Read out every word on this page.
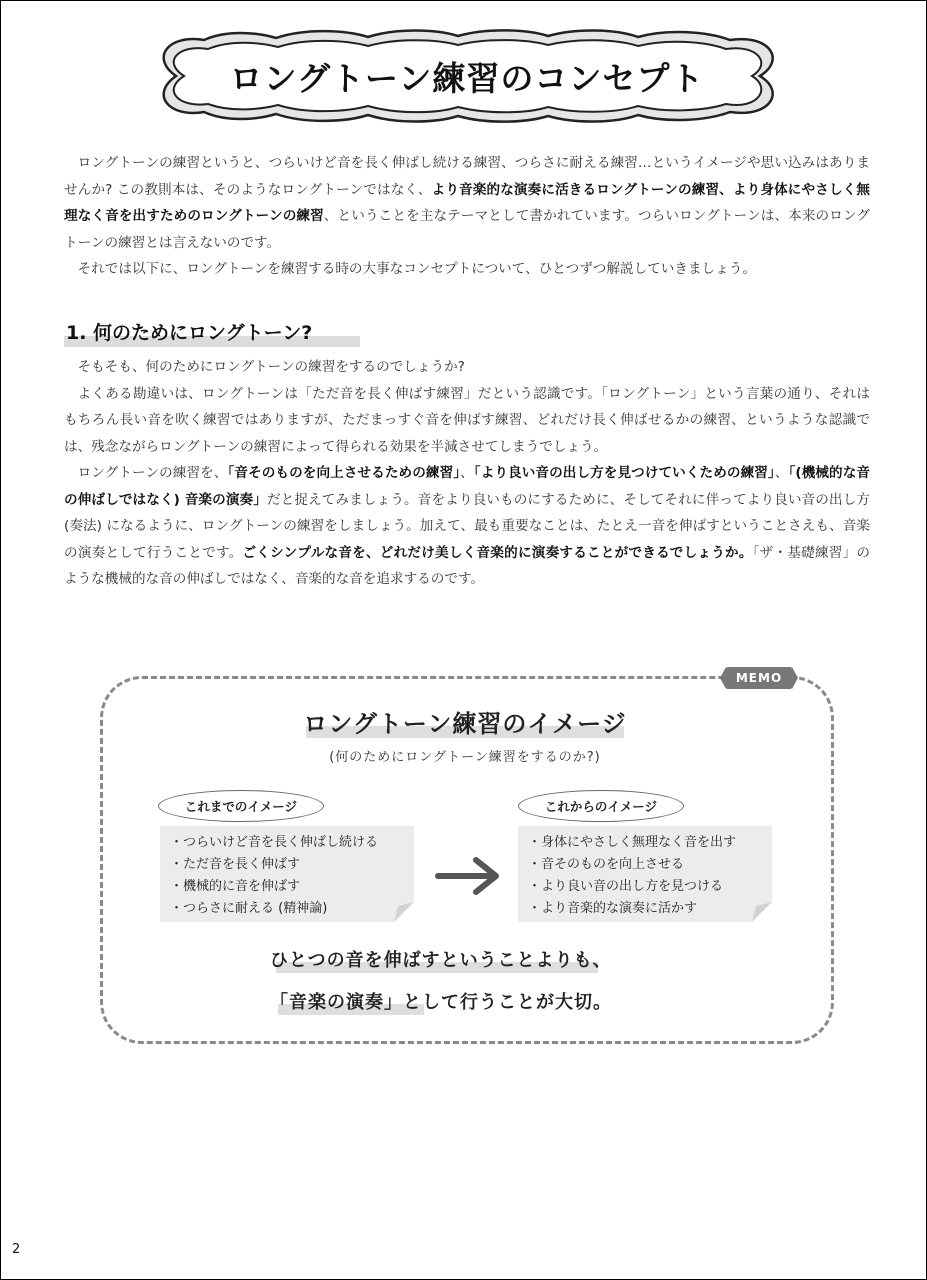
ロングトーン練習のコンセプト

ロングトーンの練習というと、つらいけど音を長く伸ばし続ける練習、つらさに耐える練習…というイメージや思い込みはありませんか? この教則本は、そのようなロングトーンではなく、より音楽的な演奏に活きるロングトーンの練習、より身体にやさしく無理なく音を出すためのロングトーンの練習、ということを主なテーマとして書かれています。つらいロングトーンは、本来のロングトーンの練習とは言えないのです。

それでは以下に、ロングトーンを練習する時の大事なコンセプトについて、ひとつずつ解説していきましょう。

1. 何のためにロングトーン?

そもそも、何のためにロングトーンの練習をするのでしょうか?

よくある勘違いは、ロングトーンは「ただ音を長く伸ばす練習」だという認識です。「ロングトーン」という言葉の通り、それはもちろん長い音を吹く練習ではありますが、ただまっすぐ音を伸ばす練習、どれだけ長く伸ばせるかの練習、というような認識では、残念ながらロングトーンの練習によって得られる効果を半減させてしまうでしょう。

ロングトーンの練習を、「音そのものを向上させるための練習」、「より良い音の出し方を見つけていくための練習」、「(機械的な音の伸ばしではなく) 音楽の演奏」だと捉えてみましょう。音をより良いものにするために、そしてそれに伴ってより良い音の出し方 (奏法) になるように、ロングトーンの練習をしましょう。加えて、最も重要なことは、たとえ一音を伸ばすということさえも、音楽の演奏として行うことです。ごくシンプルな音を、どれだけ美しく音楽的に演奏することができるでしょうか。「ザ・基礎練習」のような機械的な音の伸ばしではなく、音楽的な音を追求するのです。

MEMO
ロングトーン練習のイメージ
(何のためにロングトーン練習をするのか?)
これまでのイメージ	これからのイメージ
・つらいけど音を長く伸ばし続ける
・ただ音を長く伸ばす
・機械的に音を伸ばす
・つらさに耐える (精神論)
・身体にやさしく無理なく音を出す
・音そのものを向上させる
・より良い音の出し方を見つける
・より音楽的な演奏に活かす
ひとつの音を伸ばすということよりも、
「音楽の演奏」として行うことが大切。
2
